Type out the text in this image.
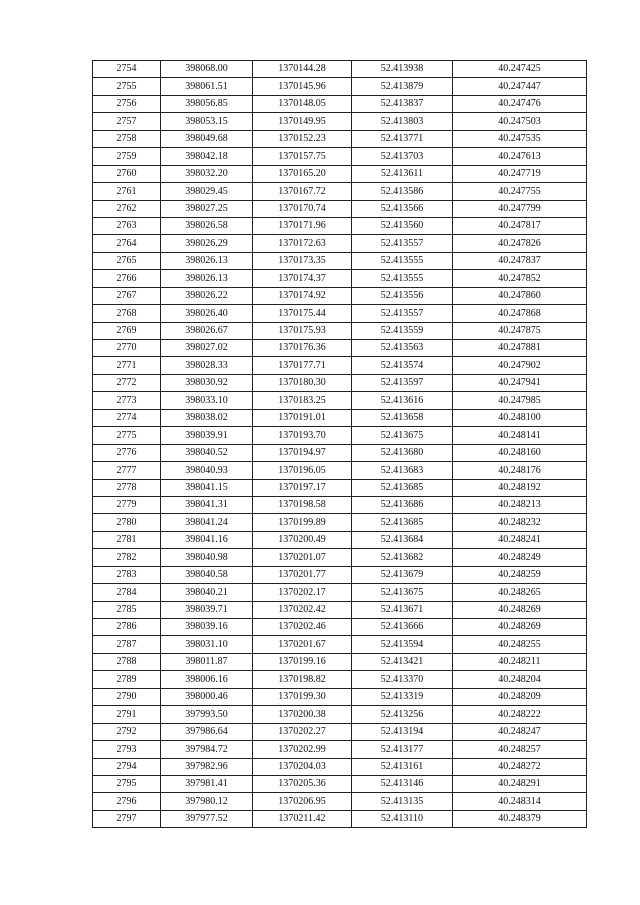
2754	398068.00	1370144.28	52.413938	40.247425
2755	398061.51	1370145.96	52.413879	40.247447
2756	398056.85	1370148.05	52.413837	40.247476
2757	398053.15	1370149.95	52.413803	40.247503
2758	398049.68	1370152.23	52.413771	40.247535
2759	398042.18	1370157.75	52.413703	40.247613
2760	398032.20	1370165.20	52.413611	40.247719
2761	398029.45	1370167.72	52.413586	40.247755
2762	398027.25	1370170.74	52.413566	40.247799
2763	398026.58	1370171.96	52.413560	40.247817
2764	398026.29	1370172.63	52.413557	40.247826
2765	398026.13	1370173.35	52.413555	40.247837
2766	398026.13	1370174.37	52.413555	40.247852
2767	398026.22	1370174.92	52.413556	40.247860
2768	398026.40	1370175.44	52.413557	40.247868
2769	398026.67	1370175.93	52.413559	40.247875
2770	398027.02	1370176.36	52.413563	40.247881
2771	398028.33	1370177.71	52.413574	40.247902
2772	398030.92	1370180.30	52.413597	40.247941
2773	398033.10	1370183.25	52.413616	40.247985
2774	398038.02	1370191.01	52.413658	40.248100
2775	398039.91	1370193.70	52.413675	40.248141
2776	398040.52	1370194.97	52.413680	40.248160
2777	398040.93	1370196.05	52.413683	40.248176
2778	398041.15	1370197.17	52.413685	40.248192
2779	398041.31	1370198.58	52.413686	40.248213
2780	398041.24	1370199.89	52.413685	40.248232
2781	398041.16	1370200.49	52.413684	40.248241
2782	398040.98	1370201.07	52.413682	40.248249
2783	398040.58	1370201.77	52.413679	40.248259
2784	398040.21	1370202.17	52.413675	40.248265
2785	398039.71	1370202.42	52.413671	40.248269
2786	398039.16	1370202.46	52.413666	40.248269
2787	398031.10	1370201.67	52.413594	40.248255
2788	398011.87	1370199.16	52.413421	40.248211
2789	398006.16	1370198.82	52.413370	40.248204
2790	398000.46	1370199.30	52.413319	40.248209
2791	397993.50	1370200.38	52.413256	40.248222
2792	397986.64	1370202.27	52.413194	40.248247
2793	397984.72	1370202.99	52.413177	40.248257
2794	397982.96	1370204.03	52.413161	40.248272
2795	397981.41	1370205.36	52.413146	40.248291
2796	397980.12	1370206.95	52.413135	40.248314
2797	397977.52	1370211.42	52.413110	40.248379
